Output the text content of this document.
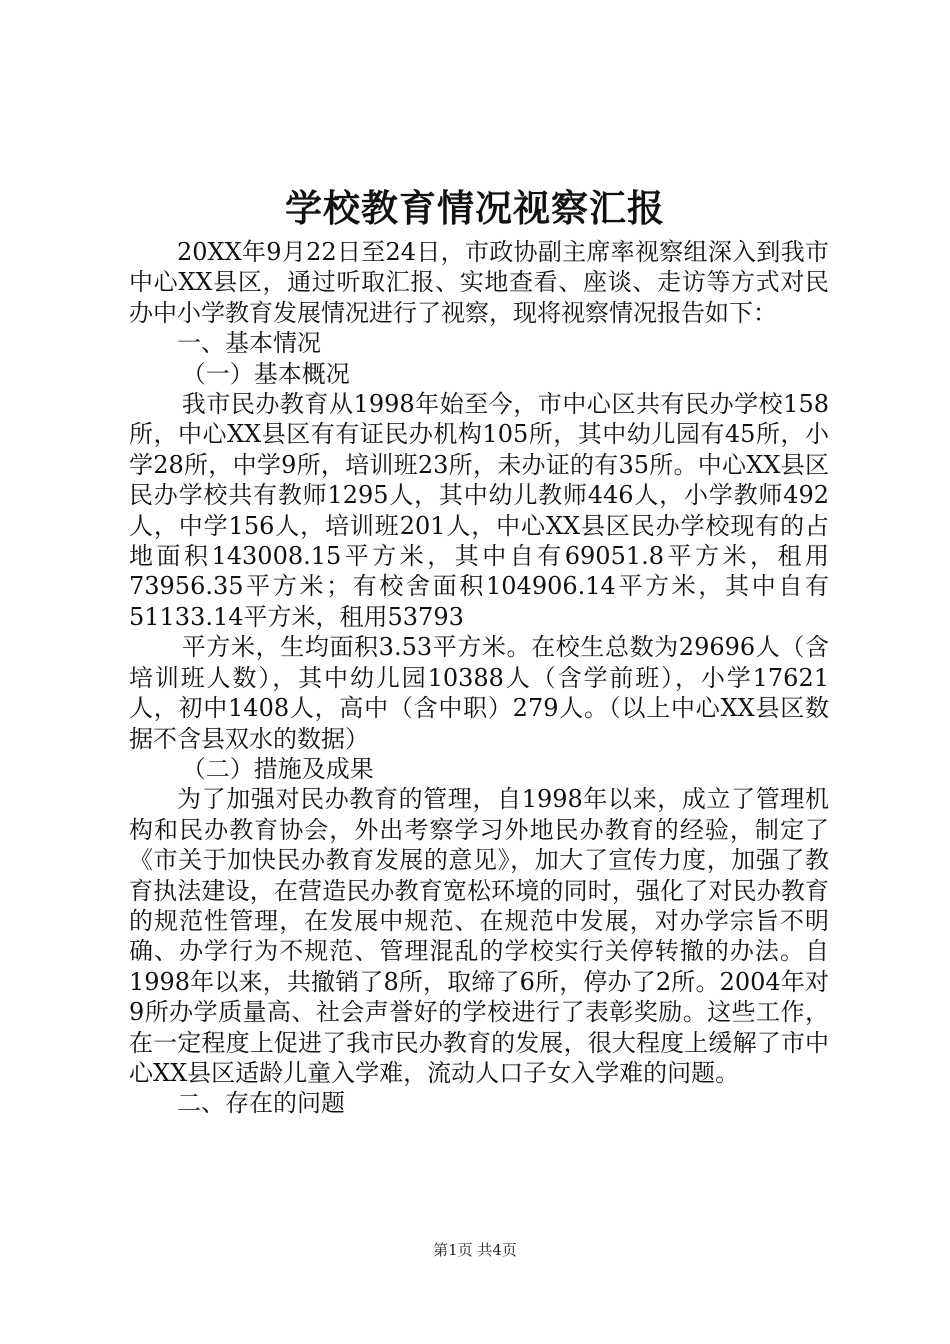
学校教育情况视察汇报

20XX年9月22日至24日，市政协副主席率视察组深入到我市中心XX县区，通过听取汇报、实地查看、座谈、走访等方式对民办中小学教育发展情况进行了视察，现将视察情况报告如下：

一、基本情况

（一）基本概况

我市民办教育从1998年始至今，市中心区共有民办学校158所，中心XX县区有有证民办机构105所，其中幼儿园有45所，小学28所，中学9所，培训班23所，未办证的有35所。中心XX县区民办学校共有教师1295人，其中幼儿教师446人，小学教师492人，中学156人，培训班201人，中心XX县区民办学校现有的占地面积143008.15平方米，其中自有69051.8平方米，租用73956.35平方米；有校舍面积104906.14平方米，其中自有51133.14平方米，租用53793

平方米，生均面积3.53平方米。在校生总数为29696人（含培训班人数），其中幼儿园10388人（含学前班），小学17621人，初中1408人，高中（含中职）279人。（以上中心XX县区数据不含县双水的数据）

（二）措施及成果

为了加强对民办教育的管理，自1998年以来，成立了管理机构和民办教育协会，外出考察学习外地民办教育的经验，制定了《市关于加快民办教育发展的意见》，加大了宣传力度，加强了教育执法建设，在营造民办教育宽松环境的同时，强化了对民办教育的规范性管理，在发展中规范、在规范中发展，对办学宗旨不明确、办学行为不规范、管理混乱的学校实行关停转撤的办法。自1998年以来，共撤销了8所，取缔了6所，停办了2所。2004年对9所办学质量高、社会声誉好的学校进行了表彰奖励。这些工作，在一定程度上促进了我市民办教育的发展，很大程度上缓解了市中心XX县区适龄儿童入学难，流动人口子女入学难的问题。

二、存在的问题

第1页 共4页
